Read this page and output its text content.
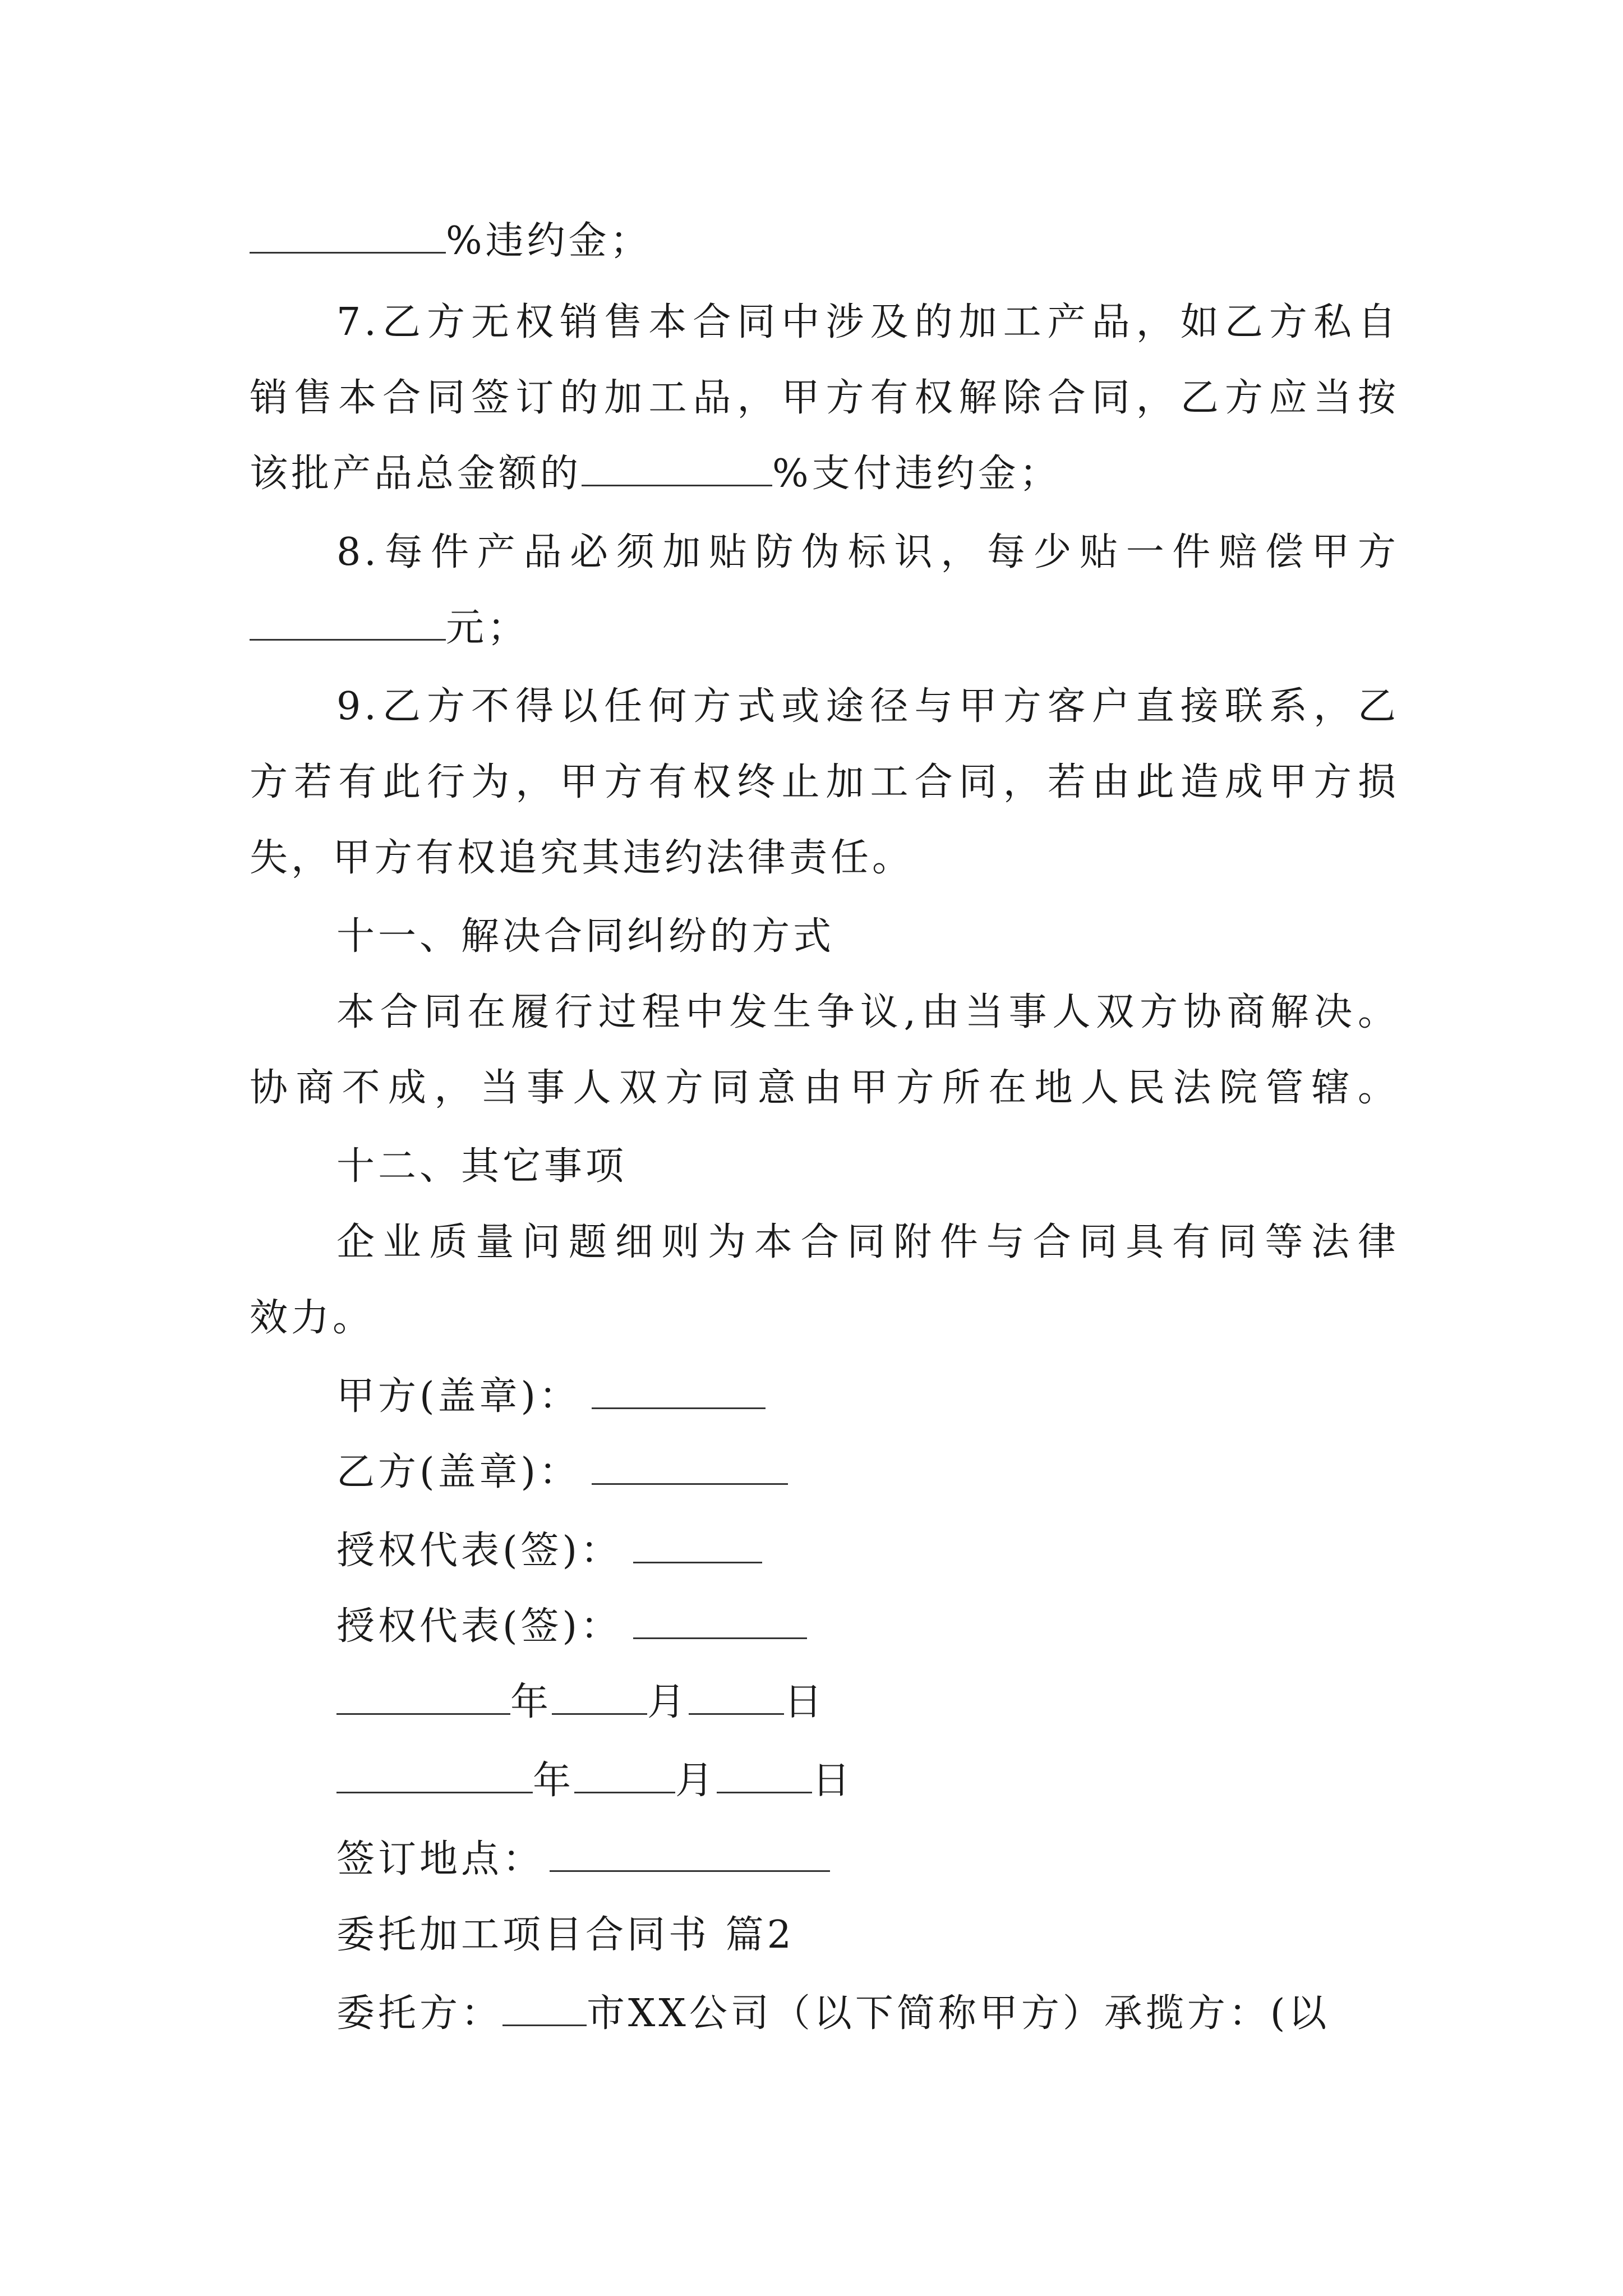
%违约金；
7.乙方无权销售本合同中涉及的加工产品，如乙方私自
销售本合同签订的加工品，甲方有权解除合同，乙方应当按
该批产品总金额的	%支付违约金；
8.每件产品必须加贴防伪标识，每少贴一件赔偿甲方
元；
9.乙方不得以任何方式或途径与甲方客户直接联系，乙
方若有此行为，甲方有权终止加工合同，若由此造成甲方损
失，甲方有权追究其违约法律责任。
十一、解决合同纠纷的方式
本合同在履行过程中发生争议,由当事人双方协商解决。
协商不成，当事人双方同意由甲方所在地人民法院管辖。
十二、其它事项
企业质量问题细则为本合同附件与合同具有同等法律
效力。
甲方(盖章)：
乙方(盖章)：
授权代表(签)：
授权代表(签)：
年	月	日
年	月	日
签订地点：
委托加工项目合同书 篇2
委托方： 市XX公司（以下简称甲方）承揽方：(以
